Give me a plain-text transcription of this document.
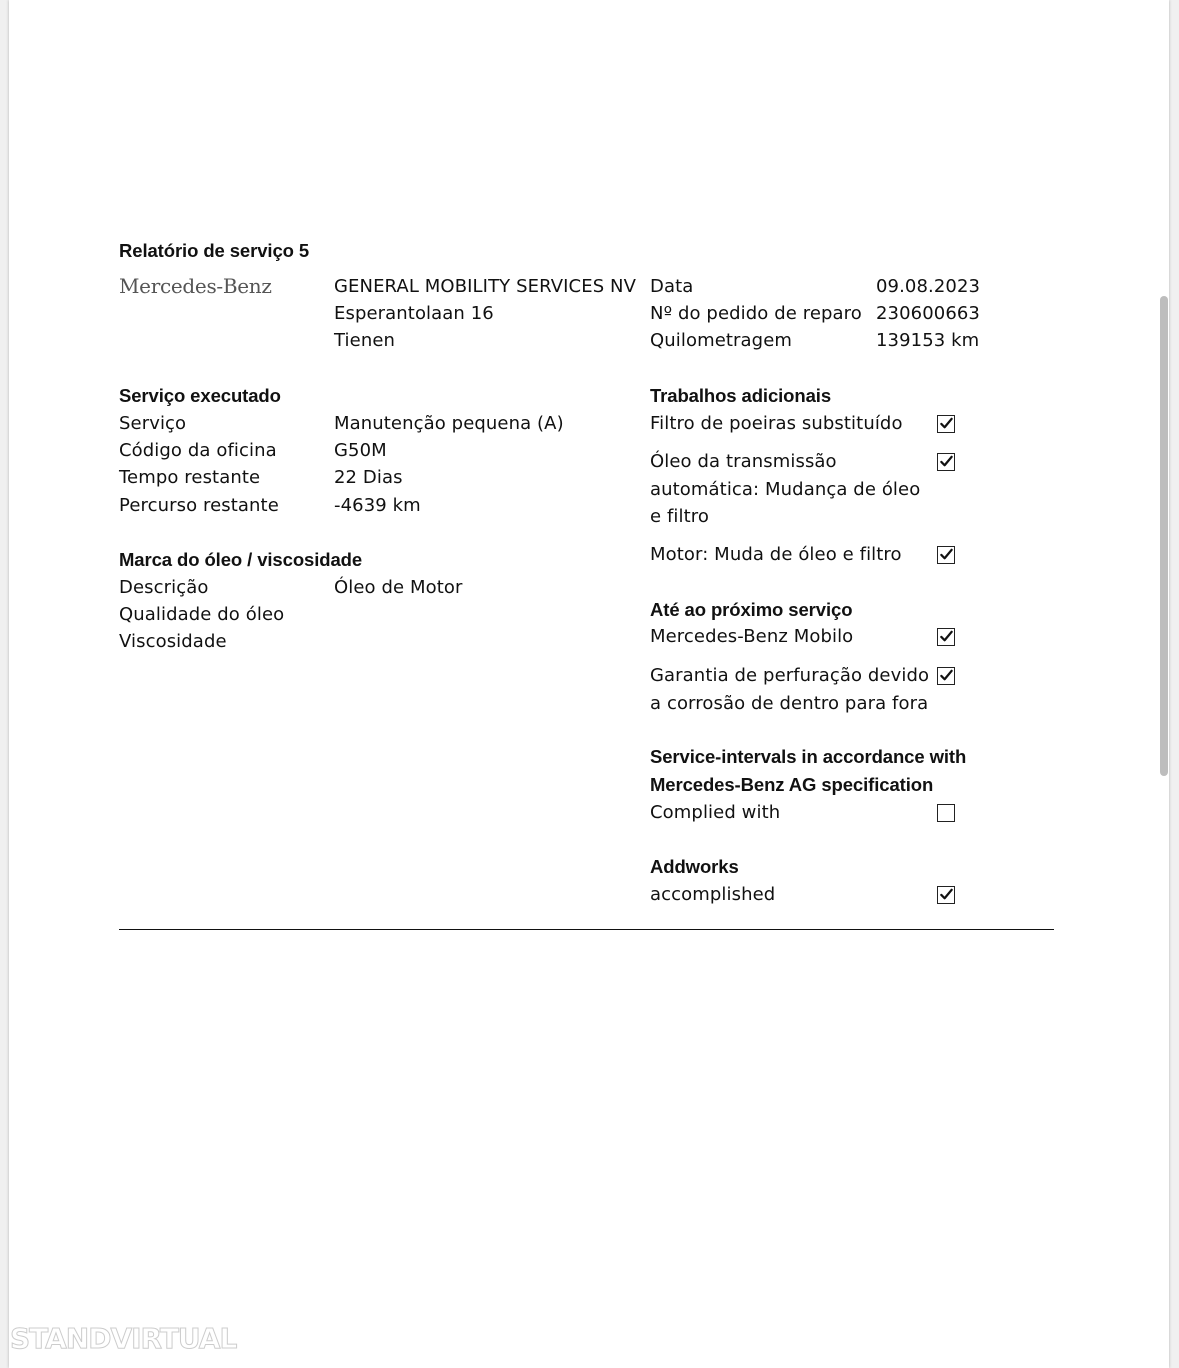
Relatório de serviço 5
Mercedes-Benz	GENERAL MOBILITY SERVICES NV
Esperantolaan 16
Tienen
Data	09.08.2023
Nº do pedido de reparo 230600663
Quilometragem	139153 km
Serviço executado
Serviço	Manutenção pequena (A)
Código da oficina	G50M
Tempo restante	22 Dias
Percurso restante	-4639 km
Marca do óleo / viscosidade
Descrição	Óleo de Motor
Qualidade do óleo
Viscosidade
Trabalhos adicionais
Filtro de poeiras substituído
Óleo da transmissão automática: Mudança de óleo e filtro
Motor: Muda de óleo e filtro
Até ao próximo serviço
Mercedes-Benz Mobilo
Garantia de perfuração devido a corrosão de dentro para fora
Service-intervals in accordance with Mercedes-Benz AG specification
Complied with
Addworks
accomplished
STANDVIRTUAL
